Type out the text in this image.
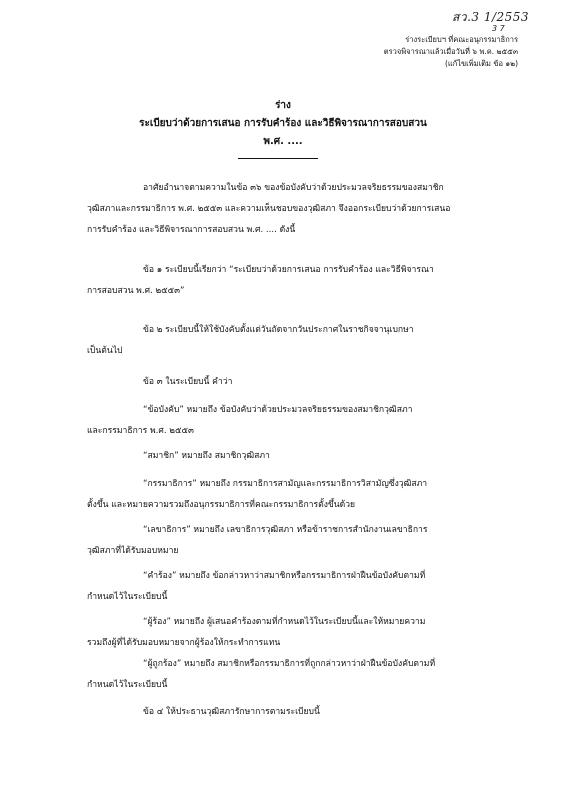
สว.3 1/2553
3 7
ร่างระเบียบฯ ที่คณะอนุกรรมาธิการ
ตรวจพิจารณาแล้วเมื่อวันที่ ๖ พ.ค. ๒๕๕๓
(แก้ไขเพิ่มเติม ข้อ ๑๒)
ร่าง
ระเบียบว่าด้วยการเสนอ การรับคำร้อง และวิธีพิจารณาการสอบสวน
พ.ศ. ....
อาศัยอำนาจตามความในข้อ ๓๖ ของข้อบังคับว่าด้วยประมวลจริยธรรมของสมาชิก
วุฒิสภาและกรรมาธิการ พ.ศ. ๒๕๕๓ และความเห็นชอบของวุฒิสภา จึงออกระเบียบว่าด้วยการเสนอ
การรับคำร้อง และวิธีพิจารณาการสอบสวน พ.ศ. .... ดังนี้
ข้อ ๑ ระเบียบนี้เรียกว่า “ระเบียบว่าด้วยการเสนอ การรับคำร้อง และวิธีพิจารณา
การสอบสวน พ.ศ. ๒๕๕๓”
ข้อ ๒ ระเบียบนี้ให้ใช้บังคับตั้งแต่วันถัดจากวันประกาศในราชกิจจานุเบกษา
เป็นต้นไป
ข้อ ๓ ในระเบียบนี้ คำว่า
“ข้อบังคับ” หมายถึง ข้อบังคับว่าด้วยประมวลจริยธรรมของสมาชิกวุฒิสภา
และกรรมาธิการ พ.ศ. ๒๕๕๓
“สมาชิก” หมายถึง สมาชิกวุฒิสภา
“กรรมาธิการ” หมายถึง กรรมาธิการสามัญและกรรมาธิการวิสามัญซึ่งวุฒิสภา
ตั้งขึ้น และหมายความรวมถึงอนุกรรมาธิการที่คณะกรรมาธิการตั้งขึ้นด้วย
“เลขาธิการ” หมายถึง เลขาธิการวุฒิสภา หรือข้าราชการสำนักงานเลขาธิการ
วุฒิสภาที่ได้รับมอบหมาย
“คำร้อง” หมายถึง ข้อกล่าวหาว่าสมาชิกหรือกรรมาธิการฝ่าฝืนข้อบังคับตามที่
กำหนดไว้ในระเบียบนี้
“ผู้ร้อง” หมายถึง ผู้เสนอคำร้องตามที่กำหนดไว้ในระเบียบนี้และให้หมายความ
รวมถึงผู้ที่ได้รับมอบหมายจากผู้ร้องให้กระทำการแทน
“ผู้ถูกร้อง” หมายถึง สมาชิกหรือกรรมาธิการที่ถูกกล่าวหาว่าฝ่าฝืนข้อบังคับตามที่
กำหนดไว้ในระเบียบนี้
ข้อ ๔ ให้ประธานวุฒิสภารักษาการตามระเบียบนี้
